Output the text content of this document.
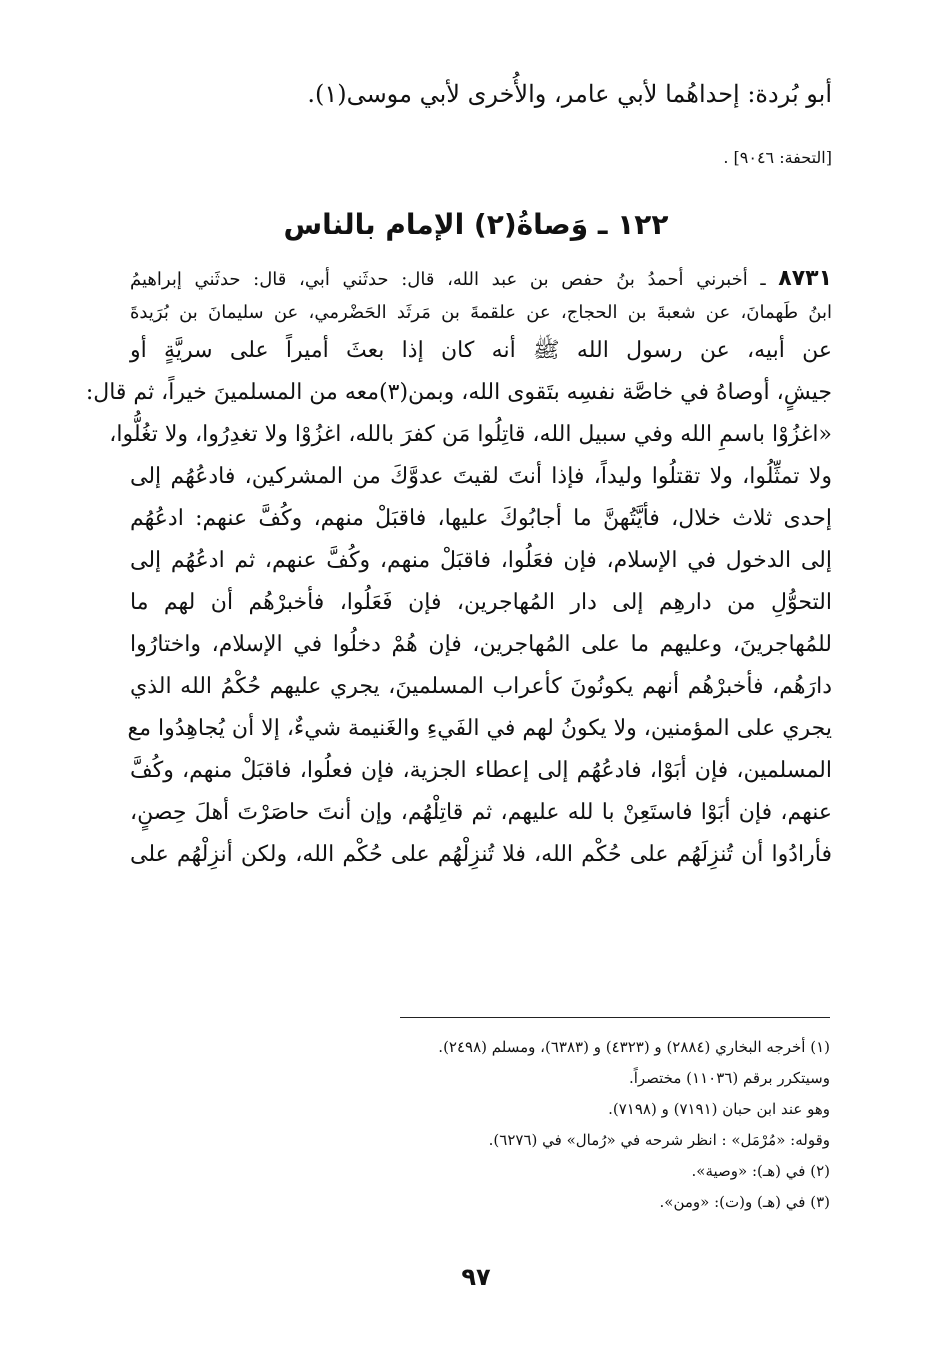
أبو بُردة: إحداهُما لأبي عامر، والأُخرى لأبي موسى(١).
[التحفة: ٩٠٤٦] .
١٢٢ ـ وَصاةُ(٢) الإمام بالناس
٨٧٣١ ـ أخبرني أحمدُ بنُ حفص بن عبد الله، قال: حدثَني أبي، قال: حدثَني إبراهيمُ
ابنُ طَهمانَ، عن شعبةَ بن الحجاج، عن علقمةَ بن مَرثَد الحَضْرمي، عن سليمانَ بن بُرَيدةَ
عن أبيه، عن رسول الله ﷺ أنه كان إذا بعثَ أميراً على سريَّةٍ أو
جيشٍ، أوصاهُ في خاصَّة نفسِه بتَقوى الله، وبمن(٣)معه من المسلمينَ خيراً، ثم قال:
«اغزُوْا باسمِ الله وفي سبيل الله، قاتِلُوا مَن كفرَ بالله، اغزُوْا ولا تغدِرُوا، ولا تغُلُّوا،
ولا تمثِّلُوا، ولا تقتلُوا وليداً، فإذا أنتَ لقيتَ عدوَّكَ من المشركين، فادعُهُم إلى
إحدى ثلاث خلال، فأيَّتُهنَّ ما أجابُوكَ عليها، فاقبَلْ منهم، وكُفَّ عنهم: ادعُهُم
إلى الدخول في الإسلام، فإن فعَلُوا، فاقبَلْ منهم، وكُفَّ عنهم، ثم ادعُهُم إلى
التحوُّلِ من دارهِم إلى دار المُهاجرين، فإن فَعَلُوا، فأخبرْهُم أن لهم ما
للمُهاجرينَ، وعليهم ما على المُهاجرين، فإن هُمْ دخلُوا في الإسلام، واختارُوا
دارَهُم، فأخبرْهُم أنهم يكونُونَ كأعراب المسلمينَ، يجري عليهم حُكْمُ الله الذي
يجري على المؤمنين، ولا يكونُ لهم في الفَيءِ والغَنيمة شيءٌ، إلا أن يُجاهِدُوا مع
المسلمين، فإن أبَوْا، فادعُهُم إلى إعطاء الجزية، فإن فعلُوا، فاقبَلْ منهم، وكُفَّ
عنهم، فإن أبَوْا فاستَعِنْ با لله عليهم، ثم قاتِلْهُم، وإن أنتَ حاصَرْتَ أهلَ حِصنٍ،
فأرادُوا أن تُنزِلَهُم على حُكْم الله، فلا تُنزِلْهُم على حُكْم الله، ولكن أنزِلْهُم على
(١) أخرجه البخاري (٢٨٨٤) و (٤٣٢٣) و (٦٣٨٣)، ومسلم (٢٤٩٨).
وسيتكرر برقم (١١٠٣٦) مختصراً.
وهو عند ابن حبان (٧١٩١) و (٧١٩٨).
وقوله: «مُرْمَل» : انظر شرحه في «رُمال» في (٦٢٧٦).
(٢) في (هـ): «وصية».
(٣) في (هـ) و(ت): «ومن».
٩٧
